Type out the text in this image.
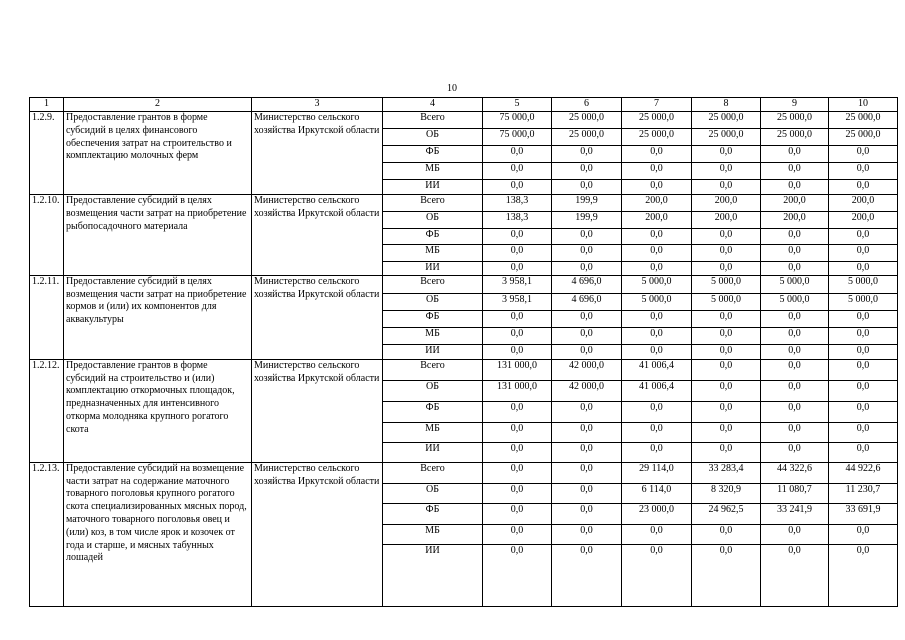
10
1	2	3	4	5	6	7	8	9	10
1.2.9.	Предоставление грантов в форме субсидий в целях финансового обеспечения затрат на строительство и комплектацию молочных ферм	Министерство сельского хозяйства Иркутской области	Всего	75 000,0	25 000,0	25 000,0	25 000,0	25 000,0	25 000,0
			ОБ	75 000,0	25 000,0	25 000,0	25 000,0	25 000,0	25 000,0
			ФБ	0,0	0,0	0,0	0,0	0,0	0,0
			МБ	0,0	0,0	0,0	0,0	0,0	0,0
			ИИ	0,0	0,0	0,0	0,0	0,0	0,0
1.2.10.	Предоставление субсидий в целях возмещения части затрат на приобретение рыбопосадочного материала	Министерство сельского хозяйства Иркутской области	Всего	138,3	199,9	200,0	200,0	200,0	200,0
			ОБ	138,3	199,9	200,0	200,0	200,0	200,0
			ФБ	0,0	0,0	0,0	0,0	0,0	0,0
			МБ	0,0	0,0	0,0	0,0	0,0	0,0
			ИИ	0,0	0,0	0,0	0,0	0,0	0,0
1.2.11.	Предоставление субсидий в целях возмещения части затрат на приобретение кормов и (или) их компонентов для аквакультуры	Министерство сельского хозяйства Иркутской области	Всего	3 958,1	4 696,0	5 000,0	5 000,0	5 000,0	5 000,0
			ОБ	3 958,1	4 696,0	5 000,0	5 000,0	5 000,0	5 000,0
			ФБ	0,0	0,0	0,0	0,0	0,0	0,0
			МБ	0,0	0,0	0,0	0,0	0,0	0,0
			ИИ	0,0	0,0	0,0	0,0	0,0	0,0
1.2.12.	Предоставление грантов в форме субсидий на строительство и (или) комплектацию откормочных площадок, предназначенных для интенсивного откорма молодняка крупного рогатого скота	Министерство сельского хозяйства Иркутской области	Всего	131 000,0	42 000,0	41 006,4	0,0	0,0	0,0
			ОБ	131 000,0	42 000,0	41 006,4	0,0	0,0	0,0
			ФБ	0,0	0,0	0,0	0,0	0,0	0,0
			МБ	0,0	0,0	0,0	0,0	0,0	0,0
			ИИ	0,0	0,0	0,0	0,0	0,0	0,0
1.2.13.	Предоставление субсидий на возмещение части затрат на содержание маточного товарного поголовья крупного рогатого скота специализированных мясных пород, маточного товарного поголовья овец и (или) коз, в том числе ярок и козочек от года и старше, и мясных табунных лошадей	Министерство сельского хозяйства Иркутской области	Всего	0,0	0,0	29 114,0	33 283,4	44 322,6	44 922,6
			ОБ	0,0	0,0	6 114,0	8 320,9	11 080,7	11 230,7
			ФБ	0,0	0,0	23 000,0	24 962,5	33 241,9	33 691,9
			МБ	0,0	0,0	0,0	0,0	0,0	0,0
			ИИ	0,0	0,0	0,0	0,0	0,0	0,0
